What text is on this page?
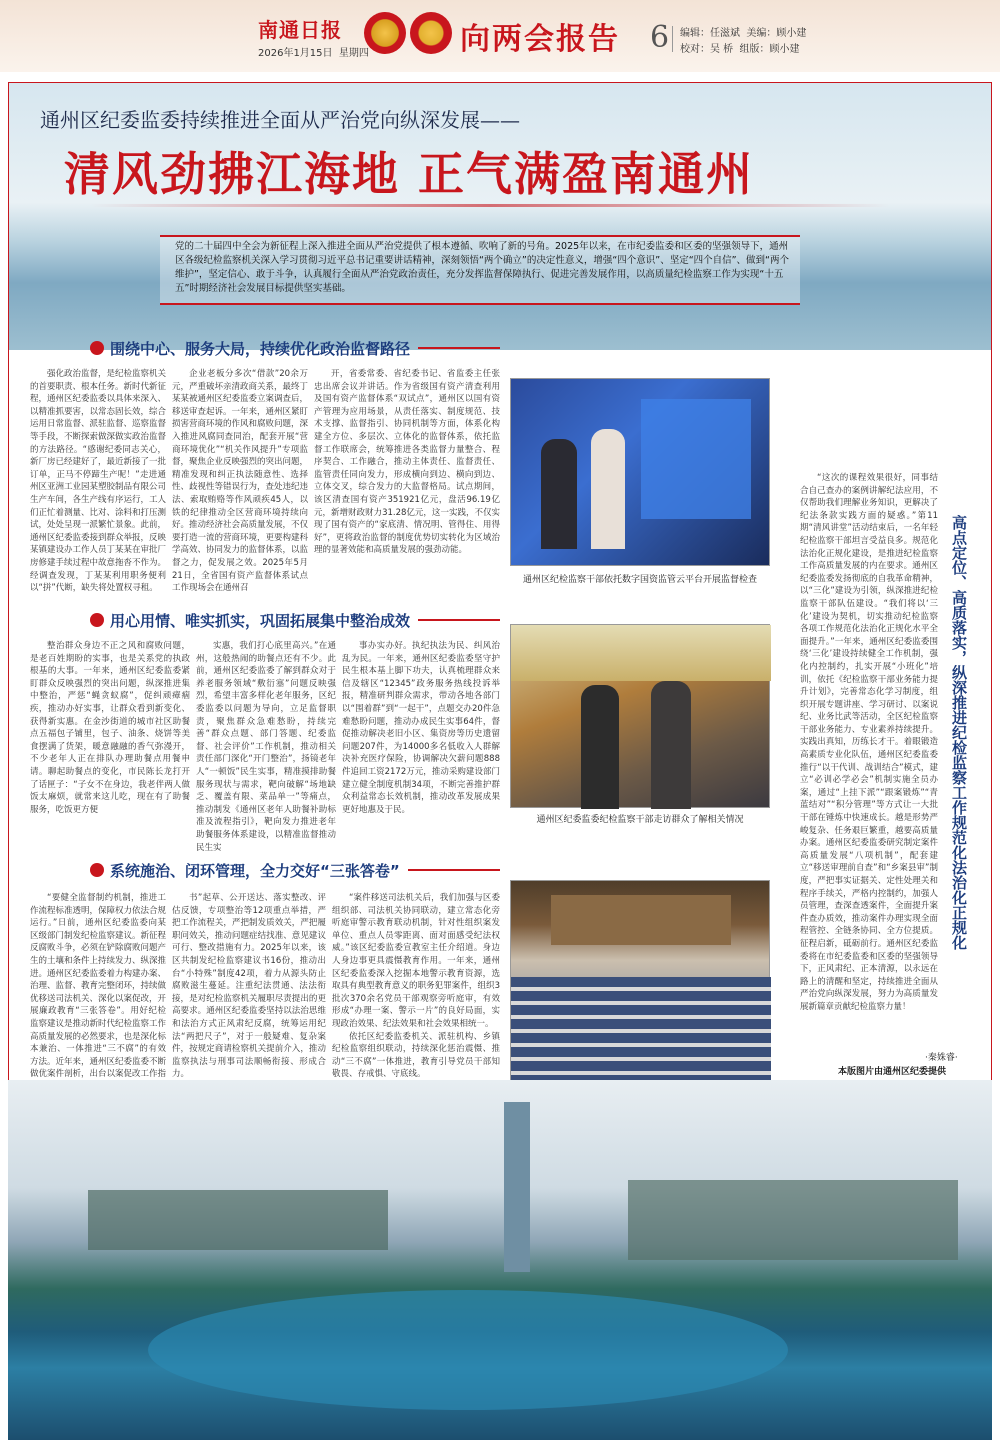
南通日报
2026年1月15日 星期四	向两会报告 6 编辑：任滋斌 美编：顾小建
校对：吴 桥 组版：顾小建
通州区纪委监委持续推进全面从严治党向纵深发展——
清风劲拂江海地 正气满盈南通州
党的二十届四中全会为新征程上深入推进全面从严治党提供了根本遵循、吹响了新的号角。2025年以来，在市纪委监委和区委的坚强领导下，通州区各级纪检监察机关深入学习贯彻习近平总书记重要讲话精神，深刻领悟“两个确立”的决定性意义，增强“四个意识”、坚定“四个自信”、做到“两个维护”，坚定信心、敢于斗争，认真履行全面从严治党政治责任，充分发挥监督保障执行、促进完善发展作用，以高质量纪检监察工作为实现“十五五”时期经济社会发展目标提供坚实基础。
围绕中心、服务大局，持续优化政治监督路径

强化政治监督，是纪检监察机关的首要职责、根本任务。新时代新征程，通州区纪委监委以具体来深入、以精准抓要害，以常态固长效，综合运用日常监督、派驻监督、巡察监督等手段，不断探索做深做实政治监督的方法路径。“感谢纪委同志关心，新厂房已经建好了，最近新接了一批订单，正马不停蹄生产呢！”走进通州区亚洲工业园某塑胶制品有限公司生产车间，各生产线有序运行，工人们正忙着测量、比对、涂料和打压测试，处处呈现一派繁忙景象。此前，通州区纪委监委接到群众举报，反映某镇建设办工作人员丁某某在审批厂房修建手续过程中故意拖沓不作为。经调查发现，丁某某利用职务便利以“拼”代断，缺失将处置权寻租。

企业老板分多次“借款”20余万元，严重破坏亲清政商关系，最终丁某某被通州区纪委监委立案调查后，移送审查起诉。一年来，通州区紧盯损害营商环境的作风和腐败问题，深入推进风腐同查同治，配套开展“营商环境优化”“机关作风提升”专项监督，聚焦企业反映强烈的突出问题，精准发现和纠正执法随意性、选择性、歧视性等错误行为，查处违纪违法、索取贿赂等作风顽疾45人，以铁的纪律推动全区营商环境持续向好。推动经济社会高质量发展，不仅要打造一流的营商环境，更要构建科学高效、协同发力的监督体系，以监督之力，促发展之效。2025年5月21日，全省国有资产监督体系试点工作现场会在通州召

开，省委常委、省纪委书记、省监委主任张忠出席会议并讲话。作为省级国有资产清查利用及国有资产监督体系“双试点”，通州区以国有资产管理为应用场景，从责任落实、制度规范、技术支撑、监督指引、协同机制等方面，体系化构建全方位、多层次、立体化的监督体系，依托监督工作联席会，统筹推进各类监督力量整合、程序契合、工作融合，推动主体责任、监督责任、监管责任同向发力，形成横向到边、横向到边、立体交叉，综合发力的大监督格局。试点期间，该区清查国有资产351921亿元，盘活96.19亿元，新增财政财力31.28亿元，这一实践，不仅实现了国有资产的“家底清、情况明、管得住、用得好”，更将政治监督的制度优势切实转化为区域治理的显著效能和高质量发展的强劲动能。

通州区纪检监察干部依托数字国资监管云平台开展监督检查
用心用情、唯实抓实，巩固拓展集中整治成效

整治群众身边不正之风和腐败问题，是老百姓期盼的实事，也是关系党的执政根基的大事。一年来，通州区纪委监委紧盯群众反映强烈的突出问题，纵深推进集中整治，严惩“蝇贪蚁腐”，促纠顽瘴痼疾，推动办好实事，让群众看到新变化、获得新实惠。在金沙街道的城市社区助餐点五福包子铺里，包子、油条、烧饼等美食摆满了货架，暖意融融的香气弥漫开，不少老年人正在排队办理助餐点用餐申请。聊起助餐点的变化，市民陈长龙打开了话匣子：“子女不在身边，我老伴两人做饭太麻烦，就常来这儿吃，现在有了助餐服务，吃饭更方便

实惠，我们打心底里高兴。”在通州，这般热闹的助餐点还有不少。此前，通州区纪委监委了解到群众对于养老服务领域“敷衍塞”问题反映强烈，希望丰富多样化老年服务，区纪委监委以问题为导向，立足监督职责，聚焦群众急难愁盼，持续完善“群众点题、部门答题、纪委监督、社会评价”工作机制，推动相关责任部门深化“开门整治”，扬镜老年人“一顿饭”民生实事，精准摸排助餐服务现状与需求，靶向破解“场地缺乏、覆盖有限、菜品单一”等痛点，推动制发《通州区老年人助餐补助标准及流程指引》，靶向发力推进老年助餐服务体系建设，以精准监督推动民生实

事办实办好。执纪执法为民、纠风治乱为民。一年来，通州区纪委监委坚守护民生根本基上脚下功夫，认真梳理群众来信及辖区“12345”政务服务热线投诉举报，精准研判群众需求，带动各地各部门以“围着群”到“一起干”，点题交办20件急难愁盼问题，推动办成民生实事64件，督促推动解决老旧小区、集资房等历史遗留问题207件，为14000多名低收入人群解决补充医疗保险，协调解决欠薪问题888件追回工资2172万元，推动采购建设部门建立健全制度机制34项，不断完善推护群众利益常态长效机制，推动改革发展成果更好地惠及于民。

通州区纪委监委纪检监察干部走访群众了解相关情况
系统施治、闭环管理，全力交好“三张答卷”

“要健全监督制约机制，推进工作流程标准透明，保障权力依法合规运行。”日前，通州区纪委监委向某区级部门制发纪检监察建议。新征程反腐败斗争，必须在铲除腐败问题产生的土壤和条件上持续发力、纵深推进。通州区纪委监委着力构建办案、治理、监督、教育完整闭环，持续做优移送司法机关、深化以案促改，开展廉政教育“三张答卷”。用好纪检监察建议是推动新时代纪检监察工作高质量发展的必然要求，也是深化标本兼治、一体推进“三不腐”的有效方法。近年来，通州区纪委监委不断做优案件剖析，出台以案促改工作指

书”起草、公开送达、落实整改、评估反馈，专项整治等12项重点举措，严把工作流程关，严把制发质效关，严把履职问效关，推动问题症结找准、意见建议可行、整改措施有力。2025年以来，该区共制发纪检监察建议书16份，推动出台“小特殊”制度42项，着力从源头防止腐败滋生蔓延。注重纪法贯通、法法衔接，是对纪检监察机关履职尽责提出的更高要求。通州区纪委监委坚持以法治思维和法治方式正风肃纪反腐，统筹运用纪法“两把尺子”，对于一般疑难、复杂案件，按规定商请检察机关提前介入，推动监察执法与刑事司法顺畅衔接、形成合力。

“案件移送司法机关后，我们加强与区委组织部、司法机关协同联动，建立常态化旁听庭审警示教育联动机制，针对性组织案发单位、重点人员零距离、面对面感受纪法权威。”该区纪委监委宣教室主任介绍道。身边人身边事更具震慑教育作用。一年来，通州区纪委监委深入挖掘本地警示教育资源，选取具有典型教育意义的职务犯罪案件，组织3批次370余名党员干部观察旁听庭审，有效形成“办理一案、警示一片”的良好局面，实现政治效果、纪法效果和社会效果相统一。

依托区纪委监委机关、派驻机构、乡镇纪检监察组织联动，持续深化惩治震慑、推动“三不腐”一体推进，教育引导党员干部知敬畏、存戒惧、守底线。

“这次的课程效果很好，同事结合自己查办的案例讲解纪法应用，不仅帮助我们理解业务知识，更解决了纪法条款实践方面的疑惑。”第11期“清风讲堂”活动结束后，一名年轻纪检监察干部坦言受益良多。规范化法治化正规化建设，是推进纪检监察工作高质量发展的内在要求。通州区纪委监委发扬彻底的自我革命精神，以“三化”建设为引领，纵深推进纪检监察干部队伍建设。“我们将以‘三化’建设为契机，切实推动纪检监察各项工作规范化法治化正规化水平全面提升。”一年来，通州区纪委监委围绕‘三化’建设持续健全工作机制，强化内控制约，扎实开展“小班化”培训，依托《纪检监察干部业务能力提升计划》，完善常态化学习制度，组织开展专题讲座、学习研讨、以案说纪、业务比武等活动，全区纪检监察干部业务能力、专业素养持续提升。实践出真知，历练长才干。着眼锻造高素质专业化队伍，通州区纪委监委推行“以干代训、战训结合”模式，建立“必训必学必会”机制实施全员办案，通过“上挂下派”“跟案锻炼”“青蓝结对”“积分管理”等方式让一大批干部在锤炼中快速成长。越是形势严峻复杂、任务艰巨繁重，越要高质量办案。通州区纪委监委研究制定案件高质量发展“八项机制”，配套建立“移送审理前自查”和“乡案县审”制度，严把事实证据关、定性处理关和程序手续关，严格内控制约，加强人员管理，查深查透案件，全面提升案件查办质效，推动案件办理实现全面程管控、全链条协同、全方位提质。征程启新，砥砺前行。通州区纪委监委将在市纪委监委和区委的坚强领导下，正风肃纪、正本清源，以永远在路上的清醒和坚定，持续推进全面从严治党向纵深发展，努力为高质量发展新篇章贡献纪检监察力量！

高点定位、高质落实，纵深推进纪检监察工作规范化法治化正规化
·秦姝睿·
本版图片由通州区纪委提供
